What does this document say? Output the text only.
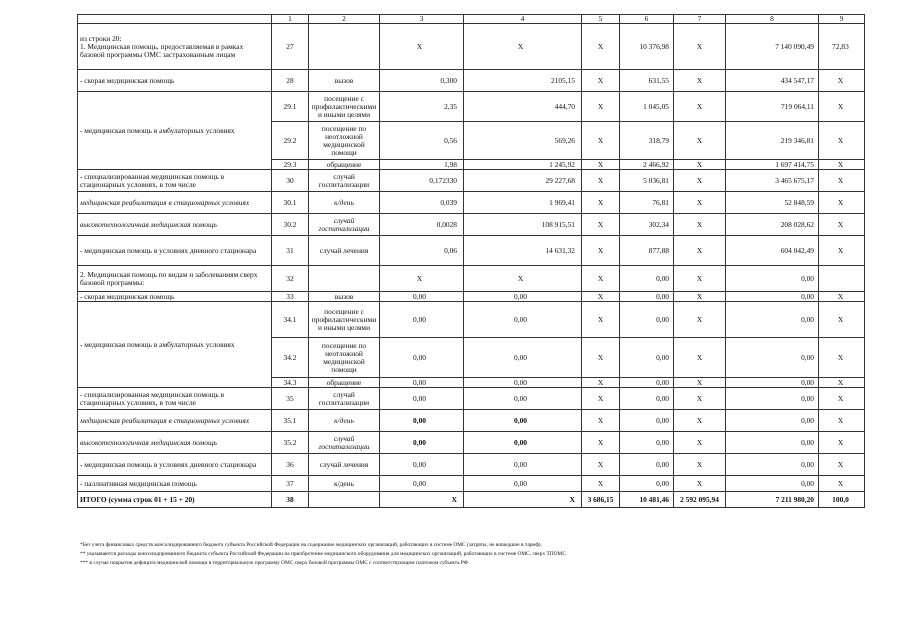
	1	2	3	4	5	6	7	8	9
из строки 20:
1. Медицинская помощь, предоставляемая в рамках базовой программы ОМС застрахованным лицам	27		X	X	X	10 376,98	X	7 140 090,49	72,83
- скорая медицинская помощь	28	вызов	0,300	2105,15	X	631,55	X	434 547,17	X
- медицинская помощь в амбулаторных условиях	29.1	посещение с профилактическими и иными целями	2,35	444,70	X	1 045,05	X	719 064,11	X
	29.2	посещение по неотложной медицинской помощи	0,56	569,26	X	318,79	X	219 346,81	X
	29.3	обращение	1,98	1 245,92	X	2 466,92	X	1 697 414,75	X
- специализированная медицинская помощь в стационарных условиях, в том числе	30	случай госпитализации	0,172330	29 227,68	X	5 036,81	X	3 465 675,17	X
медицинская реабилитация в стационарных условиях	30.1	к/день	0,039	1 969,41	X	76,81	X	52 848,59	X
высокотехнологичная медицинская помощь	30.2	случай госпитализации	0,0028	108 915,51	X	302,34	X	208 028,62	X
- медицинская помощь в условиях дневного стационара	31	случай лечения	0,06	14 631,32	X	877,88	X	604 042,49	X
2. Медицинская помощь по видам и заболеваниям сверх базовой программы:	32		X	X	X	0,00	X	0,00	
- скорая медицинская помощь	33	вызов	0,00	0,00	X	0,00	X	0,00	X
- медицинская помощь в амбулаторных условиях	34.1	посещение с профилактическими и иными целями	0,00	0,00	X	0,00	X	0,00	X
	34.2	посещение по неотложной медицинской помощи	0,00	0,00	X	0,00	X	0,00	X
	34.3	обращение	0,00	0,00	X	0,00	X	0,00	X
- специализированная медицинская помощь в стационарных условиях, в том числе	35	случай госпитализации	0,00	0,00	X	0,00	X	0,00	X
медицинская реабилитация в стационарных условиях	35.1	к/день	0,00	0,00	X	0,00	X	0,00	X
высокотехнологичная медицинская помощь	35.2	случай госпитализации	0,00	0,00	X	0,00	X	0,00	X
- медицинская помощь в условиях дневного стационара	36	случай лечения	0,00	0,00	X	0,00	X	0,00	X
- паллиативная медицинская помощь	37	к/день	0,00	0,00	X	0,00	X	0,00	X
ИТОГО (сумма строк 01 + 15 + 20)	38		X	X	3 686,15	10 481,46	2 592 095,94	7 211 980,20	100,0
*Без учета финансовых средств консолидированного бюджета субъекта Российской Федерации на содержание медицинских организаций, работающих в системе ОМС (затраты, не вошедшие в тариф).
** указываются расходы консолидированного бюджета субъекта Российской Федерации на приобретение медицинского оборудования для медицинских организаций, работающих в системе ОМС, сверх ТПОМС
*** в случае покрытия дефицита медицинской помощи в территориальную программу ОМС сверх базовой программы ОМС с соответствующим платежом субъекта РФ
